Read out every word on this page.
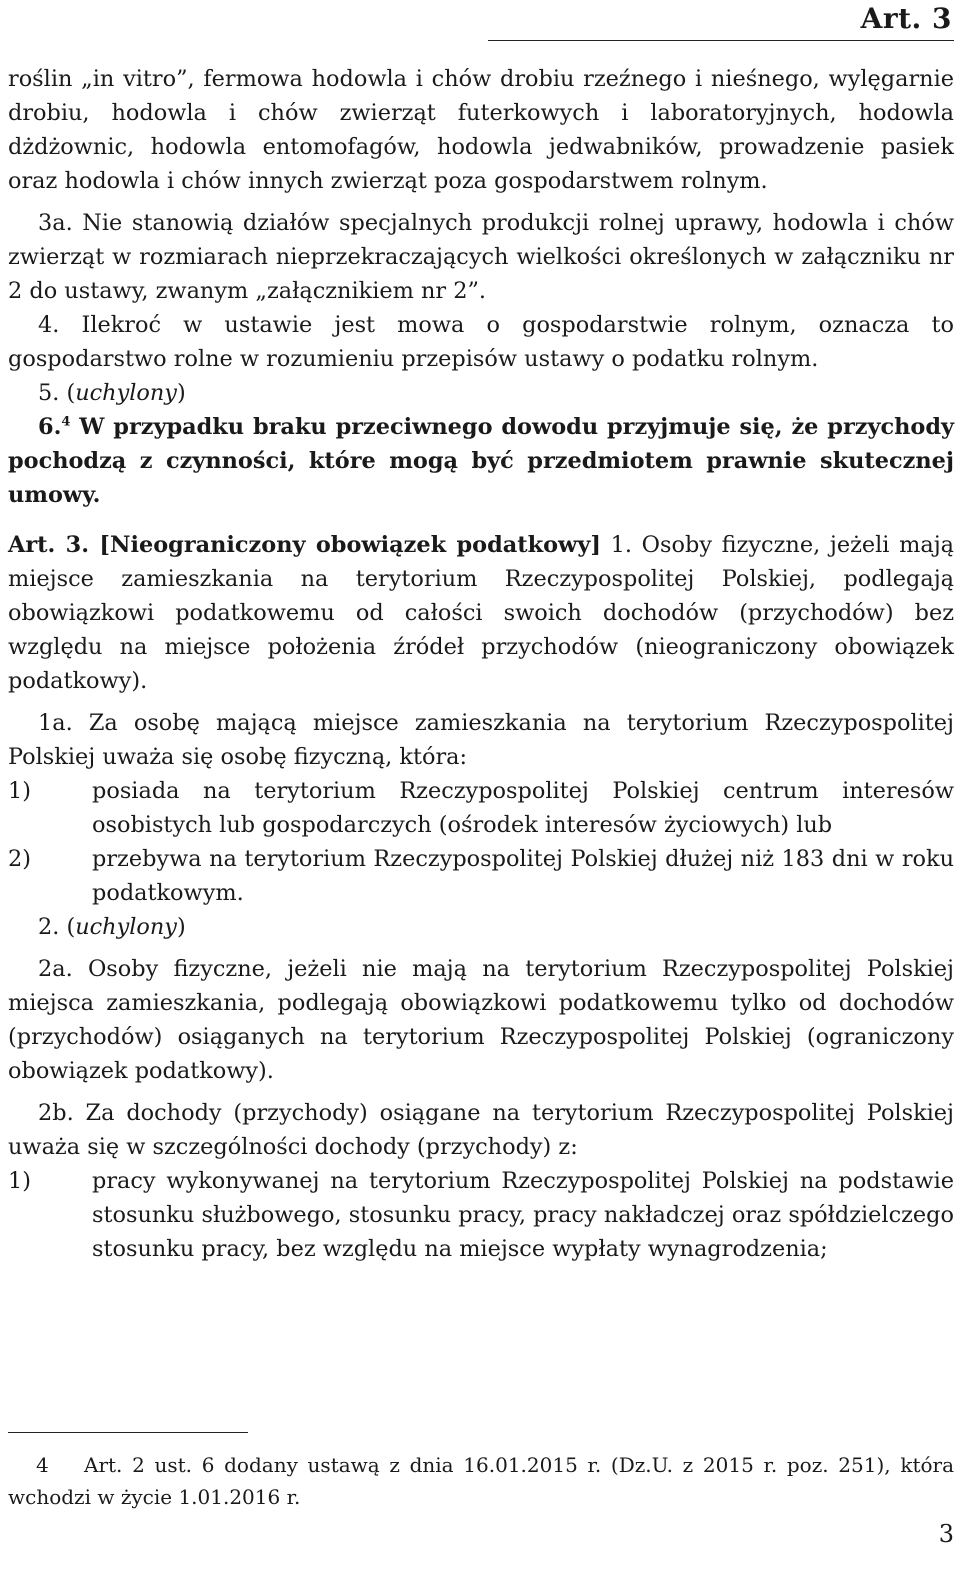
Art. 3

roślin „in vitro”, fermowa hodowla i chów drobiu rzeźnego i nieśnego, wylęgarnie drobiu, hodowla i chów zwierząt futerkowych i laboratoryjnych, hodowla dżdżownic, hodowla entomofagów, hodowla jedwabników, prowadzenie pasiek oraz hodowla i chów innych zwierząt poza gospodarstwem rolnym.

3a. Nie stanowią działów specjalnych produkcji rolnej uprawy, hodowla i chów zwierząt w rozmiarach nieprzekraczających wielkości określonych w załączniku nr 2 do ustawy, zwanym „załącznikiem nr 2”.

4. Ilekroć w ustawie jest mowa o gospodarstwie rolnym, oznacza to gospodarstwo rolne w rozumieniu przepisów ustawy o podatku rolnym.

5. (uchylony)

6.$^4$ W przypadku braku przeciwnego dowodu przyjmuje się, że przychody pochodzą z czynności, które mogą być przedmiotem prawnie skutecznej umowy.

Art. 3. [Nieograniczony obowiązek podatkowy] 1. Osoby fizyczne, jeżeli mają miejsce zamieszkania na terytorium Rzeczypospolitej Polskiej, podlegają obowiązkowi podatkowemu od całości swoich dochodów (przychodów) bez względu na miejsce położenia źródeł przychodów (nieograniczony obowiązek podatkowy).

1a. Za osobę mającą miejsce zamieszkania na terytorium Rzeczypospolitej Polskiej uważa się osobę fizyczną, która:

1)	posiada na terytorium Rzeczypospolitej Polskiej centrum interesów osobistych lub gospodarczych (ośrodek interesów życiowych) lub
2)	przebywa na terytorium Rzeczypospolitej Polskiej dłużej niż 183 dni w roku podatkowym.

2. (uchylony)

2a. Osoby fizyczne, jeżeli nie mają na terytorium Rzeczypospolitej Polskiej miejsca zamieszkania, podlegają obowiązkowi podatkowemu tylko od dochodów (przychodów) osiąganych na terytorium Rzeczypospolitej Polskiej (ograniczony obowiązek podatkowy).

2b. Za dochody (przychody) osiągane na terytorium Rzeczypospolitej Polskiej uważa się w szczególności dochody (przychody) z:

1)	pracy wykonywanej na terytorium Rzeczypospolitej Polskiej na podstawie stosunku służbowego, stosunku pracy, pracy nakładczej oraz spółdzielczego stosunku pracy, bez względu na miejsce wypłaty wynagrodzenia;
4 Art. 2 ust. 6 dodany ustawą z dnia 16.01.2015 r. (Dz.U. z 2015 r. poz. 251), która wchodzi w życie 1.01.2016 r.
3
